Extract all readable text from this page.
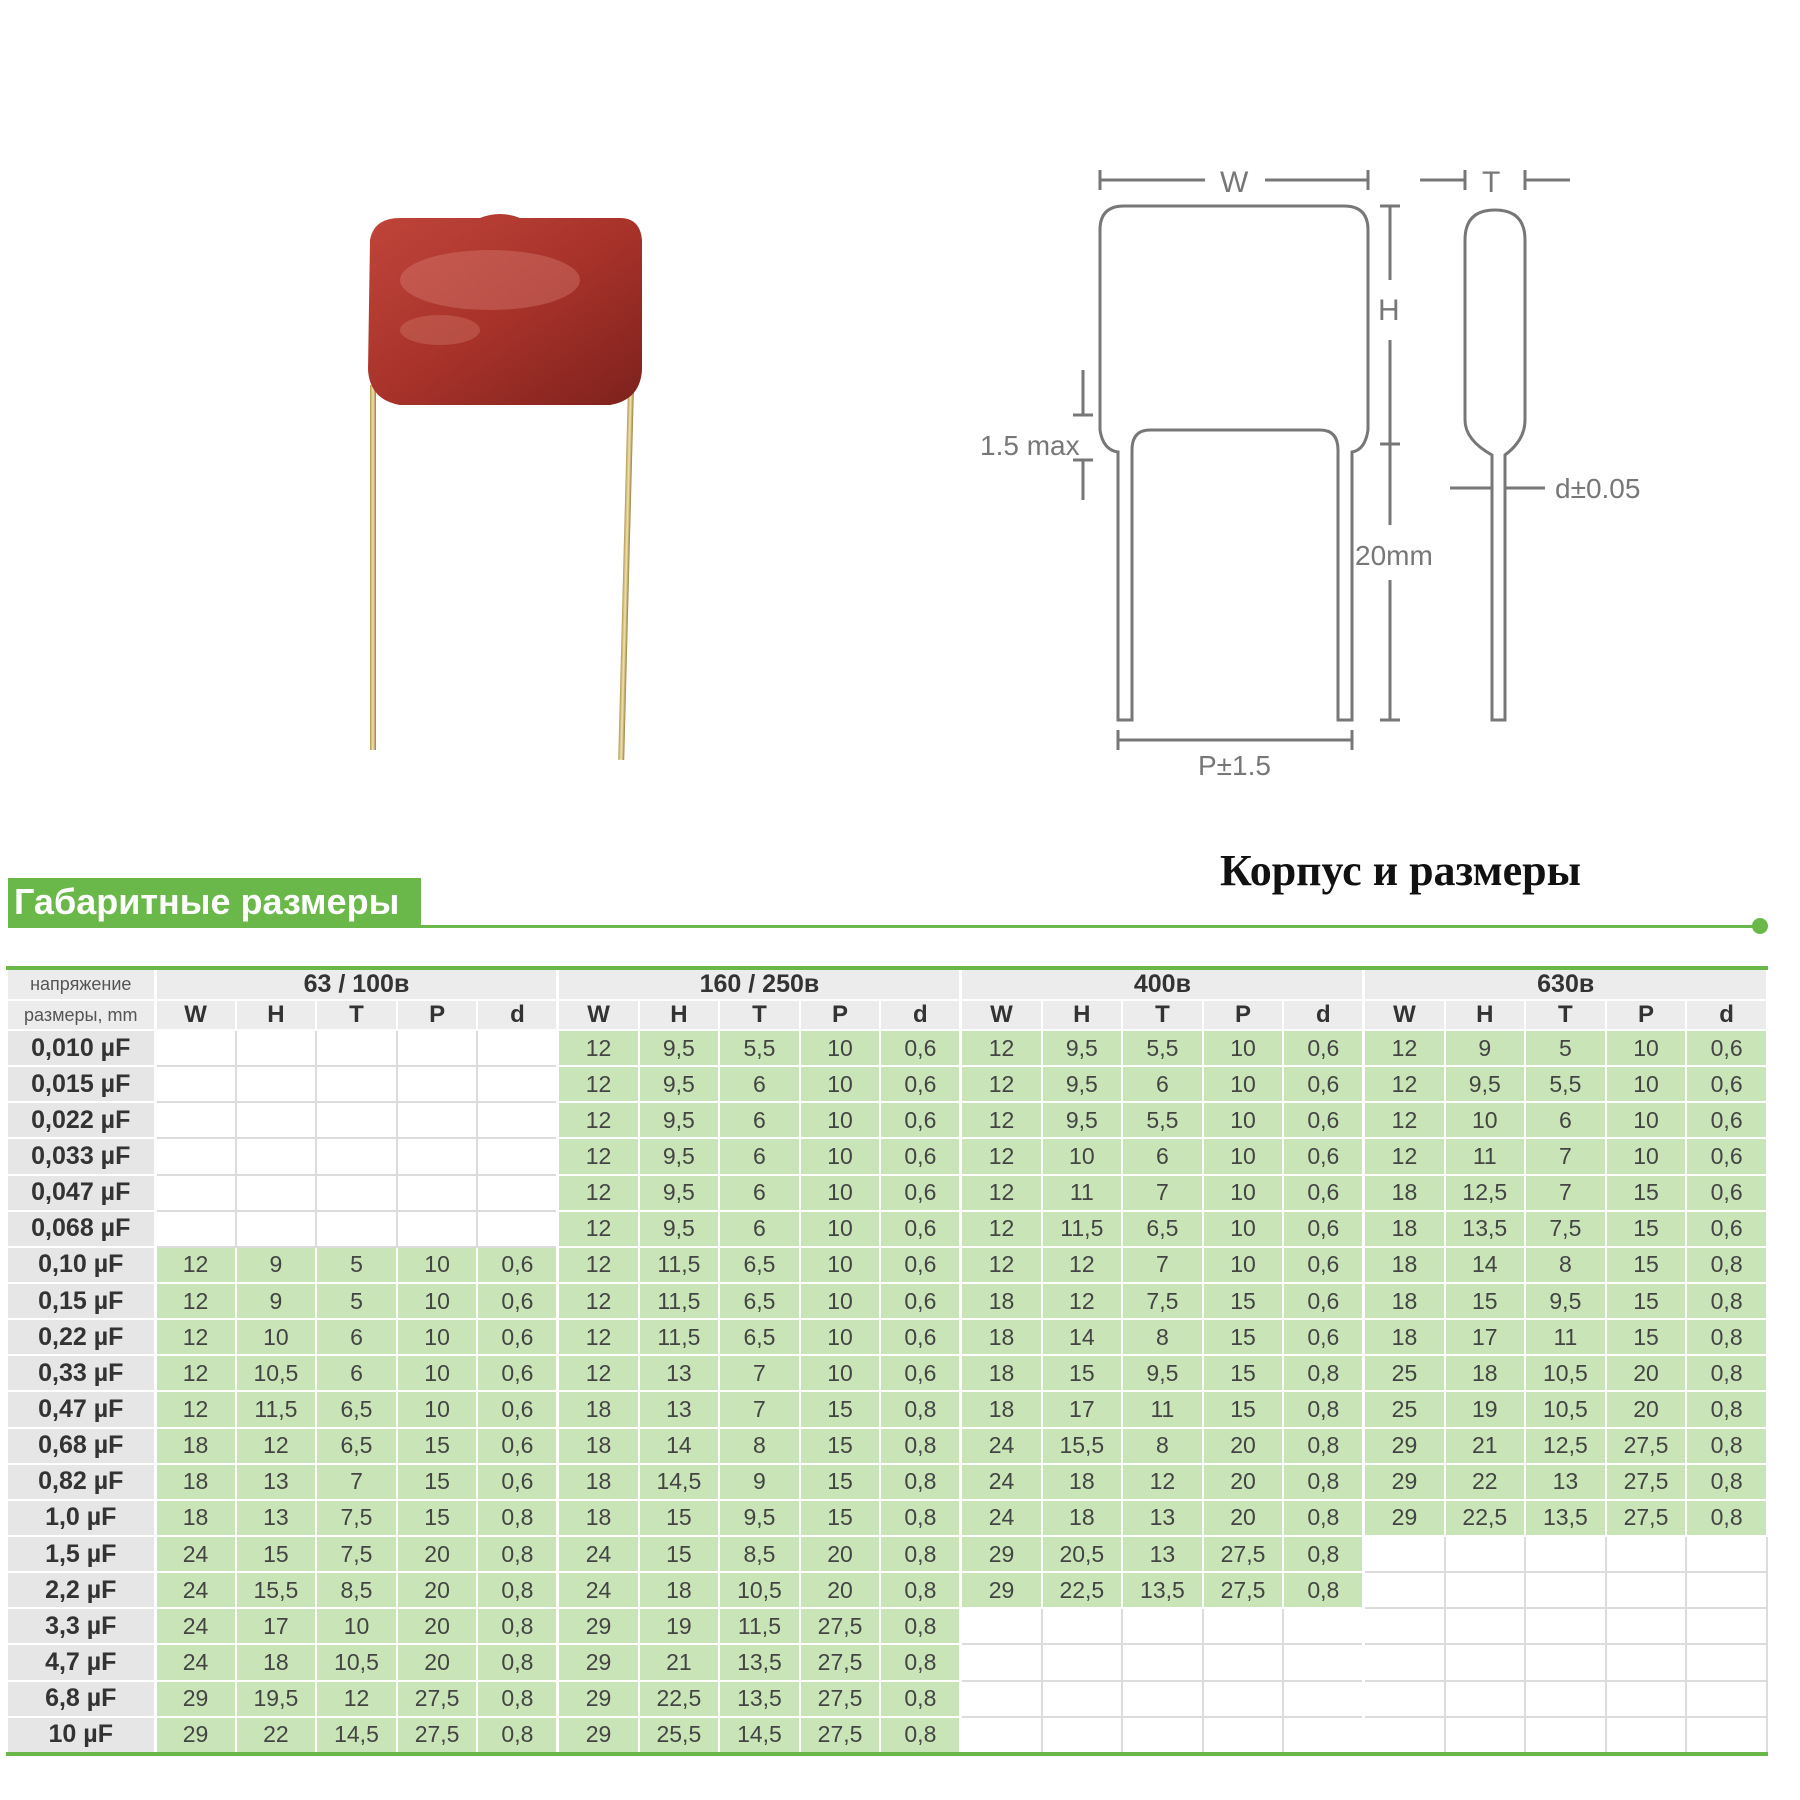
W	T
H
1.5 max
20mm
P±1.5
d±0.05
Корпус и размеры
Габаритные размеры
напряжение	63 / 100в					160 / 250в					400в					630в				
размеры, mm	W	H	T	P	d	W	H	T	P	d	W	H	T	P	d	W	H	T	P	d
0,010 µF						12	9,5	5,5	10	0,6	12	9,5	5,5	10	0,6	12	9	5	10	0,6
0,015 µF						12	9,5	6	10	0,6	12	9,5	6	10	0,6	12	9,5	5,5	10	0,6
0,022 µF						12	9,5	6	10	0,6	12	9,5	5,5	10	0,6	12	10	6	10	0,6
0,033 µF						12	9,5	6	10	0,6	12	10	6	10	0,6	12	11	7	10	0,6
0,047 µF						12	9,5	6	10	0,6	12	11	7	10	0,6	18	12,5	7	15	0,6
0,068 µF						12	9,5	6	10	0,6	12	11,5	6,5	10	0,6	18	13,5	7,5	15	0,6
0,10 µF	12	9	5	10	0,6	12	11,5	6,5	10	0,6	12	12	7	10	0,6	18	14	8	15	0,8
0,15 µF	12	9	5	10	0,6	12	11,5	6,5	10	0,6	18	12	7,5	15	0,6	18	15	9,5	15	0,8
0,22 µF	12	10	6	10	0,6	12	11,5	6,5	10	0,6	18	14	8	15	0,6	18	17	11	15	0,8
0,33 µF	12	10,5	6	10	0,6	12	13	7	10	0,6	18	15	9,5	15	0,8	25	18	10,5	20	0,8
0,47 µF	12	11,5	6,5	10	0,6	18	13	7	15	0,8	18	17	11	15	0,8	25	19	10,5	20	0,8
0,68 µF	18	12	6,5	15	0,6	18	14	8	15	0,8	24	15,5	8	20	0,8	29	21	12,5	27,5	0,8
0,82 µF	18	13	7	15	0,6	18	14,5	9	15	0,8	24	18	12	20	0,8	29	22	13	27,5	0,8
1,0 µF	18	13	7,5	15	0,8	18	15	9,5	15	0,8	24	18	13	20	0,8	29	22,5	13,5	27,5	0,8
1,5 µF	24	15	7,5	20	0,8	24	15	8,5	20	0,8	29	20,5	13	27,5	0,8					
2,2 µF	24	15,5	8,5	20	0,8	24	18	10,5	20	0,8	29	22,5	13,5	27,5	0,8					
3,3 µF	24	17	10	20	0,8	29	19	11,5	27,5	0,8										
4,7 µF	24	18	10,5	20	0,8	29	21	13,5	27,5	0,8										
6,8 µF	29	19,5	12	27,5	0,8	29	22,5	13,5	27,5	0,8										
10 µF	29	22	14,5	27,5	0,8	29	25,5	14,5	27,5	0,8										
